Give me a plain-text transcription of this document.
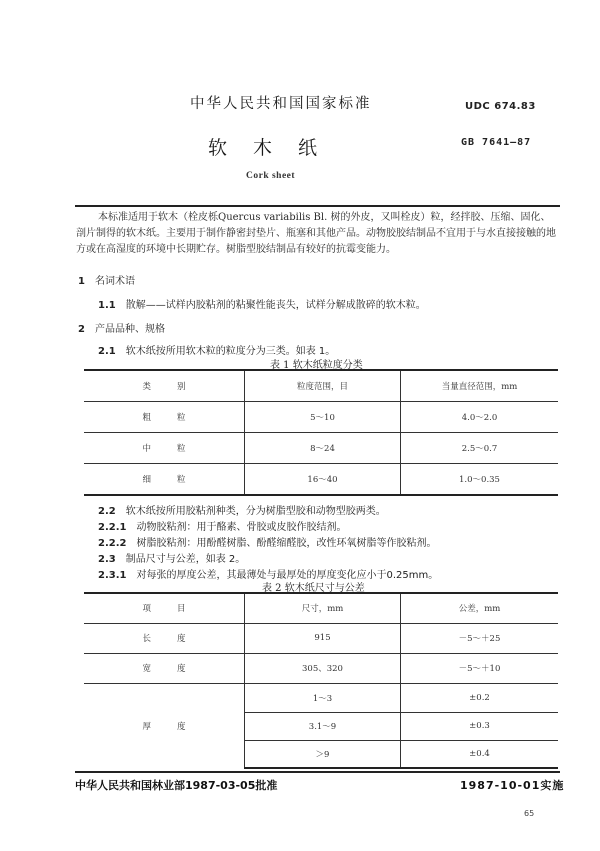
中华人民共和国国家标准	UDC 674.83
软木纸	GB 7641—87
Cork sheet
本标准适用于软木（栓皮栎Quercus variabilis Bl. 树的外皮，又叫栓皮）粒，经拌胶、压缩、固化、剖片制得的软木纸。主要用于制作静密封垫片、瓶塞和其他产品。动物胶胶结制品不宜用于与水直接接触的地方或在高湿度的环境中长期贮存。树脂型胶结制品有较好的抗霉变能力。
1 名词术语
1.1 散解——试样内胶粘剂的粘聚性能丧失，试样分解成散碎的软木粒。
2 产品品种、规格
2.1 软木纸按所用软木粒的粒度分为三类。如表 1。
表 1 软木纸粒度分类
类别	粒度范围，目	当量直径范围，mm
粗粒	5～10	4.0～2.0
中粒	8～24	2.5～0.7
细粒	16～40	1.0～0.35
2.2 软木纸按所用胶粘剂种类，分为树脂型胶和动物型胶两类。
2.2.1 动物胶粘剂：用于酪素、骨胶或皮胶作胶结剂。
2.2.2 树脂胶粘剂：用酚醛树脂、酚醛缩醛胶，改性环氧树脂等作胶粘剂。
2.3 制品尺寸与公差，如表 2。
2.3.1 对每张的厚度公差，其最薄处与最厚处的厚度变化应小于0.25mm。
表 2 软木纸尺寸与公差
项目	尺寸，mm	公差，mm
长度	915	－5～＋25
宽度	305、320	－5～＋10
厚度	1～3	±0.2
	3.1～9	±0.3
	＞9	±0.4
中华人民共和国林业部1987-03-05批准	1987-10-01实施
65
